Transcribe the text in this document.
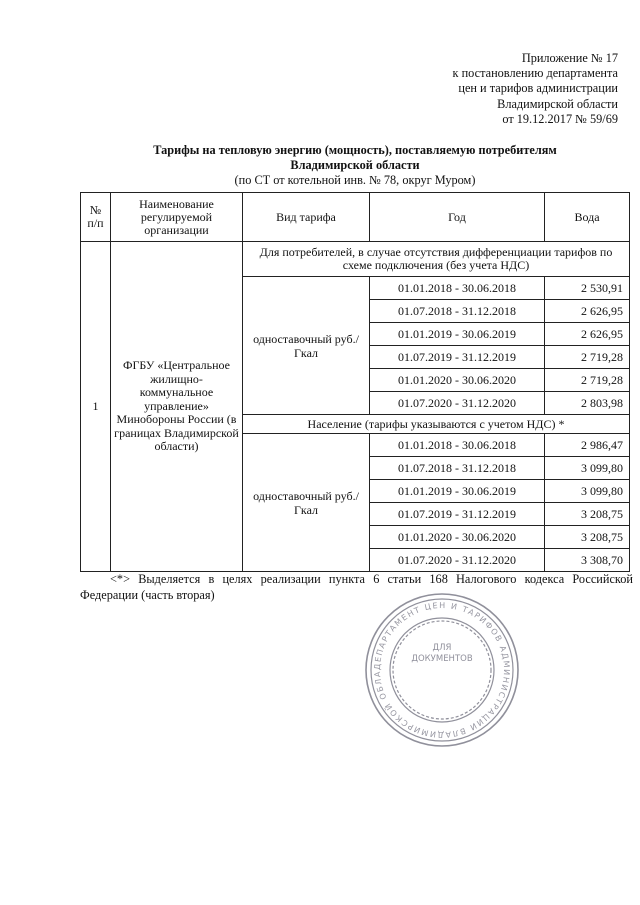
Приложение № 17
к постановлению департамента
цен и тарифов администрации
Владимирской области
от 19.12.2017 № 59/69
Тарифы на тепловую энергию (мощность), поставляемую потребителям
Владимирской области
(по СТ от котельной инв. № 78, округ Муром)
№ п/п	Наименование регулируемой организации	Вид тарифа	Год	Вода
1	ФГБУ «Центральное жилищно-коммунальное управление» Минобороны России (в границах Владимирской области)	Для потребителей, в случае отсутствия дифференциации тарифов по схеме подключения (без учета НДС)		
		одноставочный руб./Гкал	01.01.2018 - 30.06.2018	2 530,91
			01.07.2018 - 31.12.2018	2 626,95
			01.01.2019 - 30.06.2019	2 626,95
			01.07.2019 - 31.12.2019	2 719,28
			01.01.2020 - 30.06.2020	2 719,28
			01.07.2020 - 31.12.2020	2 803,98
		Население (тарифы указываются с учетом НДС) *		
		одноставочный руб./Гкал	01.01.2018 - 30.06.2018	2 986,47
			01.07.2018 - 31.12.2018	3 099,80
			01.01.2019 - 30.06.2019	3 099,80
			01.07.2019 - 31.12.2019	3 208,75
			01.01.2020 - 30.06.2020	3 208,75
			01.07.2020 - 31.12.2020	3 308,70
<*> Выделяется в целях реализации пункта 6 статьи 168 Налогового кодекса Российской Федерации (часть вторая)
ДЕПАРТАМЕНТ ЦЕН И ТАРИФОВ АДМИНИСТРАЦИИ ВЛАДИМИРСКОЙ ОБЛА
ДЛЯ
ДОКУМЕНТОВ
